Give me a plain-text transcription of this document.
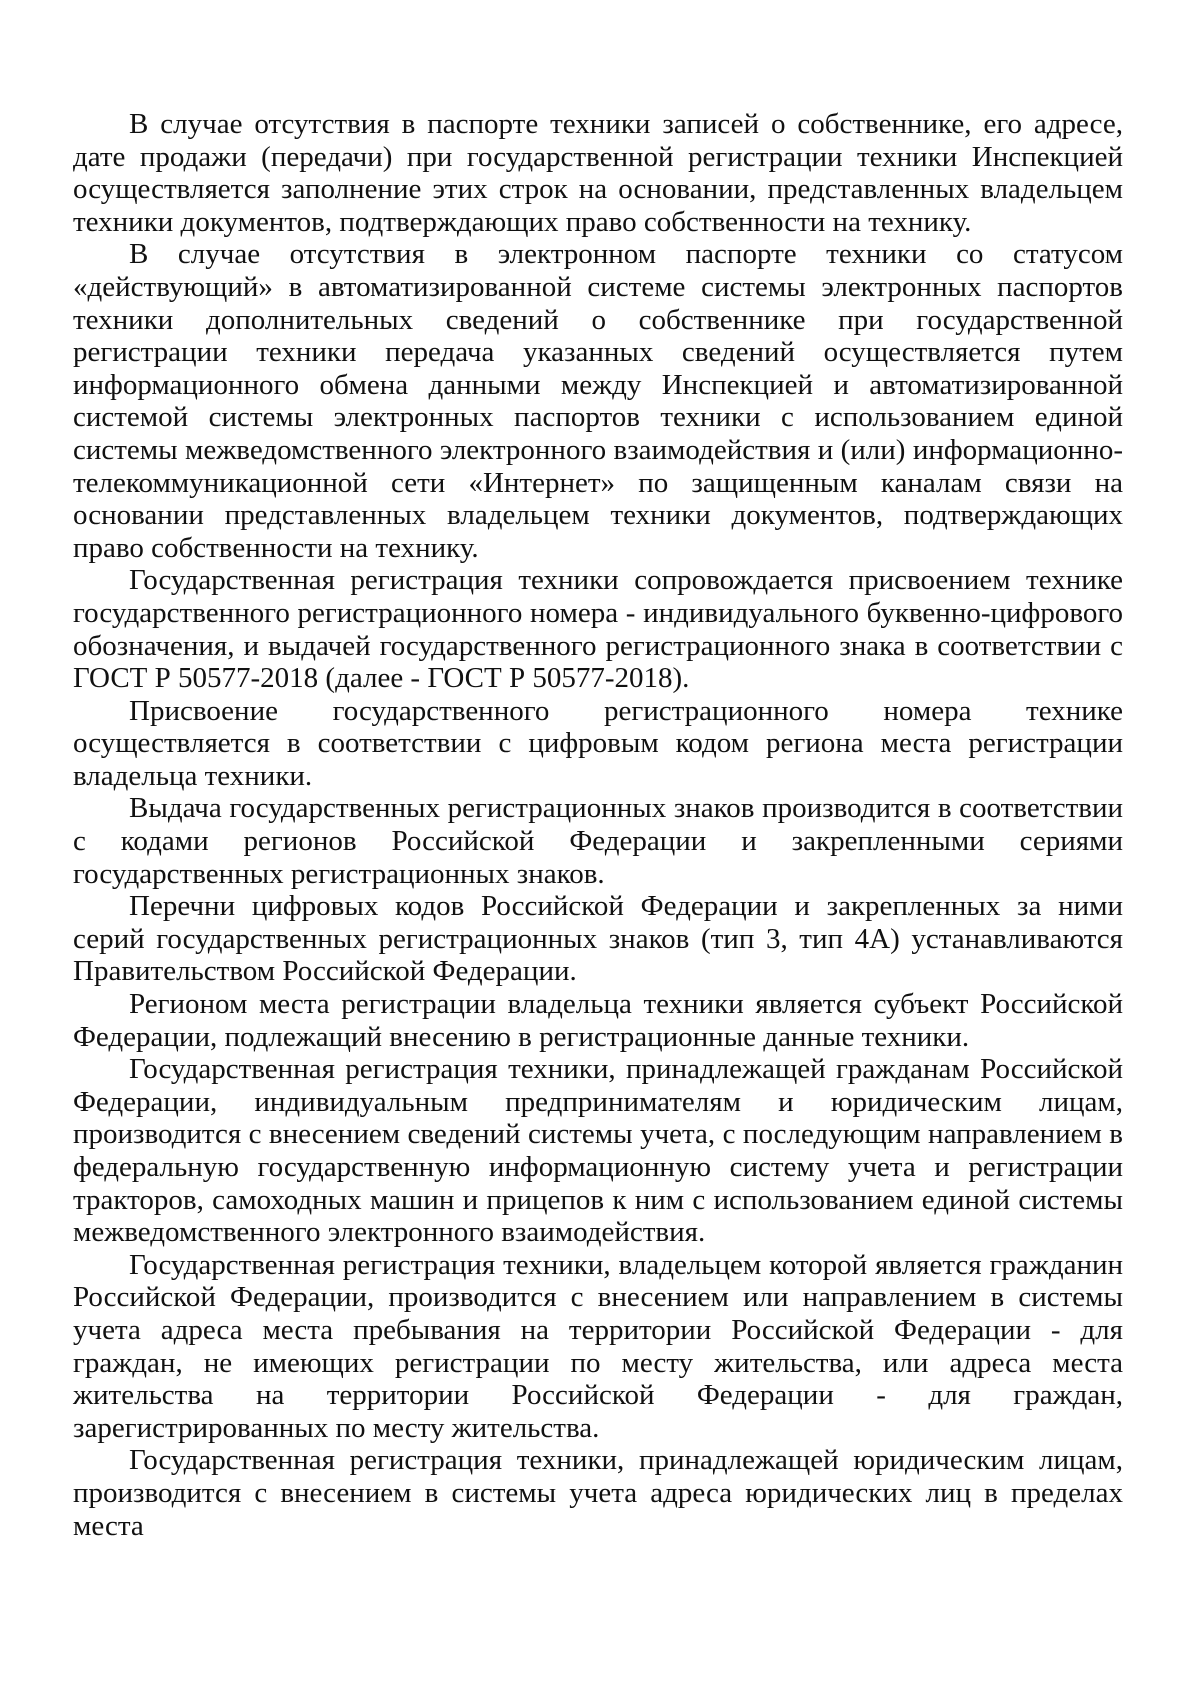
В случае отсутствия в паспорте техники записей о собственнике, его адресе, дате продажи (передачи) при государственной регистрации техники Инспекцией осуществляется заполнение этих строк на основании, представленных владельцем техники документов, подтверждающих право собственности на технику.

В случае отсутствия в электронном паспорте техники со статусом «действующий» в автоматизированной системе системы электронных паспортов техники дополнительных сведений о собственнике при государственной регистрации техники передача указанных сведений осуществляется путем информационного обмена данными между Инспекцией и автоматизированной системой системы электронных паспортов техники с использованием единой системы межведомственного электронного взаимодействия и (или) информационно-телекоммуникационной сети «Интернет» по защищенным каналам связи на основании представленных владельцем техники документов, подтверждающих право собственности на технику.

Государственная регистрация техники сопровождается присвоением технике государственного регистрационного номера - индивидуального буквенно-цифрового обозначения, и выдачей государственного регистрационного знака в соответствии с ГОСТ Р 50577-2018 (далее - ГОСТ Р 50577-2018).

Присвоение государственного регистрационного номера технике осуществляется в соответствии с цифровым кодом региона места регистрации владельца техники.

Выдача государственных регистрационных знаков производится в соответствии с кодами регионов Российской Федерации и закрепленными сериями государственных регистрационных знаков.

Перечни цифровых кодов Российской Федерации и закрепленных за ними серий государственных регистрационных знаков (тип 3, тип 4А) устанавливаются Правительством Российской Федерации.

Регионом места регистрации владельца техники является субъект Российской Федерации, подлежащий внесению в регистрационные данные техники.

Государственная регистрация техники, принадлежащей гражданам Российской Федерации, индивидуальным предпринимателям и юридическим лицам, производится с внесением сведений системы учета, с последующим направлением в федеральную государственную информационную систему учета и регистрации тракторов, самоходных машин и прицепов к ним с использованием единой системы межведомственного электронного взаимодействия.

Государственная регистрация техники, владельцем которой является гражданин Российской Федерации, производится с внесением или направлением в системы учета адреса места пребывания на территории Российской Федерации - для граждан, не имеющих регистрации по месту жительства, или адреса места жительства на территории Российской Федерации - для граждан, зарегистрированных по месту жительства.

Государственная регистрация техники, принадлежащей юридическим лицам, производится с внесением в системы учета адреса юридических лиц в пределах места
